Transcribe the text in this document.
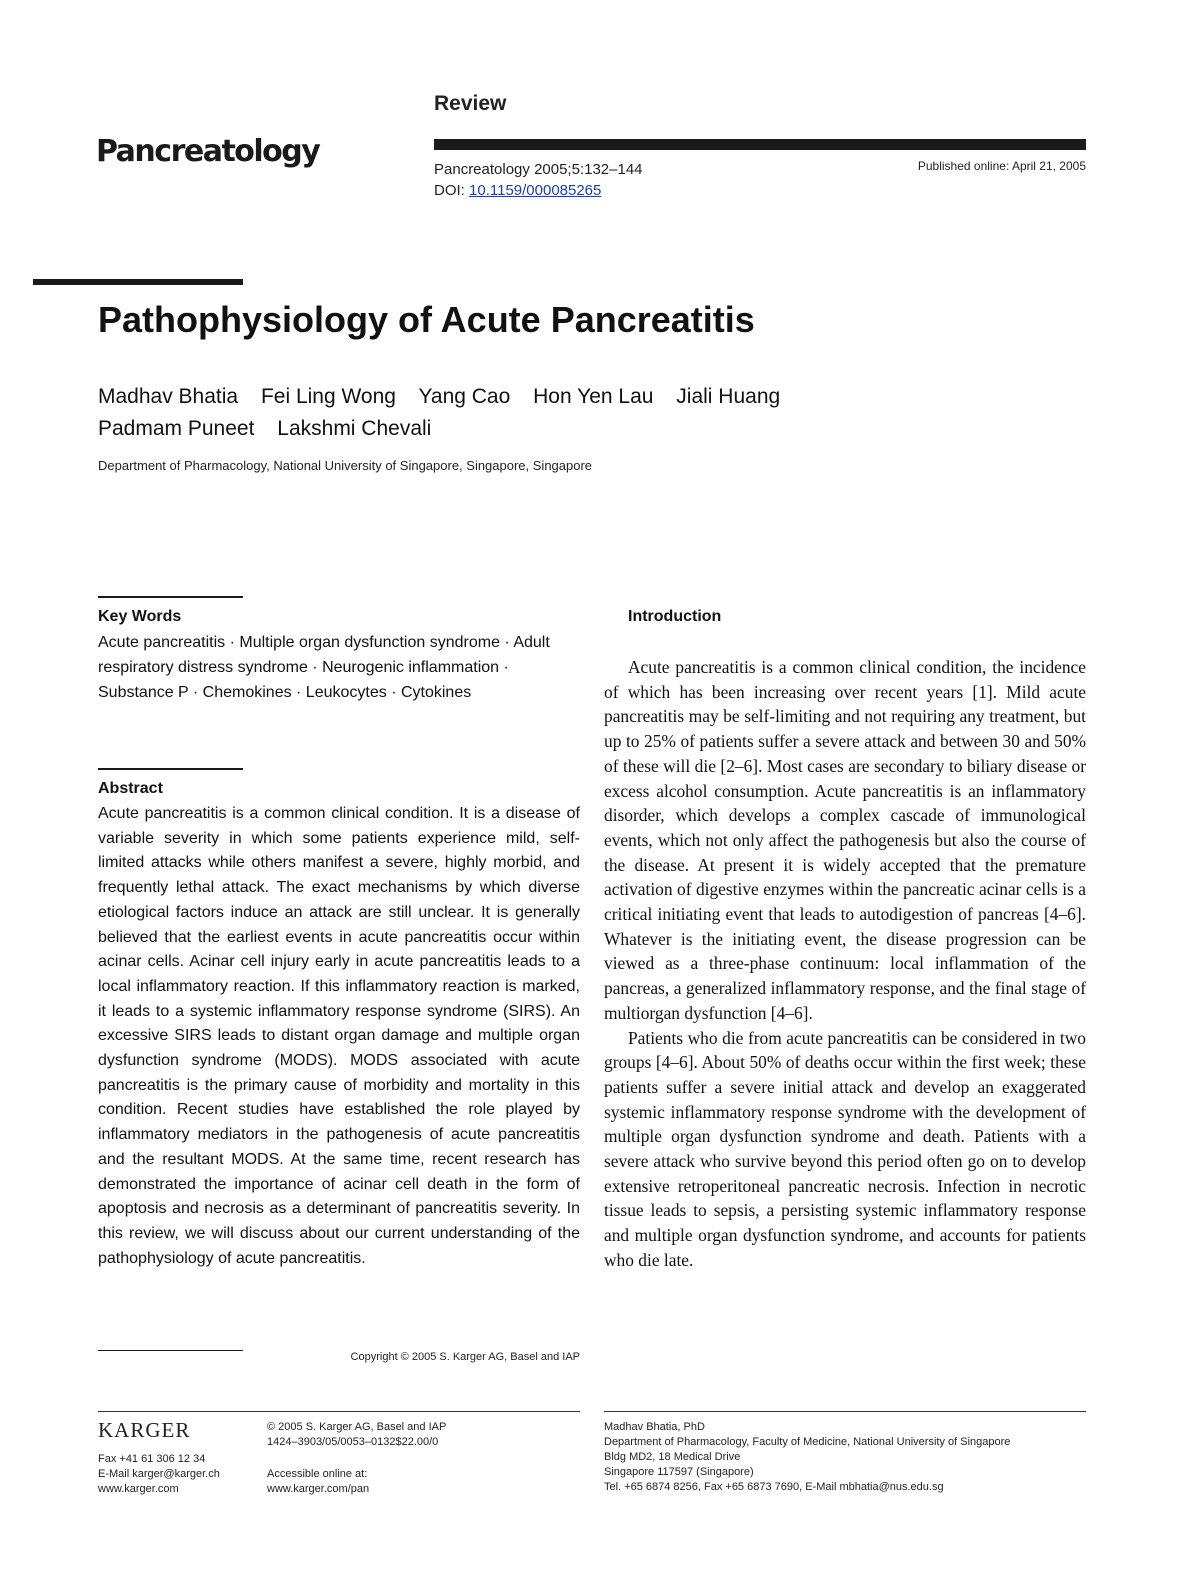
Review
Pancreatology
Pancreatology 2005;5:132–144
DOI: 10.1159/000085265
Published online: April 21, 2005
Pathophysiology of Acute Pancreatitis
Madhav Bhatia Fei Ling Wong Yang Cao Hon Yen Lau Jiali Huang
Padmam Puneet Lakshmi Chevali
Department of Pharmacology, National University of Singapore, Singapore, Singapore
Key Words
Acute pancreatitis · Multiple organ dysfunction syndrome · Adult respiratory distress syndrome · Neurogenic inflammation · Substance P · Chemokines · Leukocytes · Cytokines
Abstract
Acute pancreatitis is a common clinical condition. It is a disease of variable severity in which some patients experience mild, self-limited attacks while others manifest a severe, highly morbid, and frequently lethal attack. The exact mechanisms by which diverse etiological factors induce an attack are still unclear. It is generally believed that the earliest events in acute pancreatitis occur within acinar cells. Acinar cell injury early in acute pancreatitis leads to a local inflammatory reaction. If this inflammatory reaction is marked, it leads to a systemic inflammatory response syndrome (SIRS). An excessive SIRS leads to distant organ damage and multiple organ dysfunction syndrome (MODS). MODS associated with acute pancreatitis is the primary cause of morbidity and mortality in this condition. Recent studies have established the role played by inflammatory mediators in the pathogenesis of acute pancreatitis and the resultant MODS. At the same time, recent research has demonstrated the importance of acinar cell death in the form of apoptosis and necrosis as a determinant of pancreatitis severity. In this review, we will discuss about our current understanding of the pathophysiology of acute pancreatitis.
Copyright © 2005 S. Karger AG, Basel and IAP
Introduction

Acute pancreatitis is a common clinical condition, the incidence of which has been increasing over recent years [1]. Mild acute pancreatitis may be self-limiting and not requiring any treatment, but up to 25% of patients suffer a severe attack and between 30 and 50% of these will die [2–6]. Most cases are secondary to biliary disease or excess alcohol consumption. Acute pancreatitis is an inflammatory disorder, which develops a complex cascade of immunological events, which not only affect the pathogenesis but also the course of the disease. At present it is widely accepted that the premature activation of digestive enzymes within the pancreatic acinar cells is a critical initiating event that leads to autodigestion of pancreas [4–6]. Whatever is the initiating event, the disease progression can be viewed as a three-phase continuum: local inflammation of the pancreas, a generalized inflammatory response, and the final stage of multiorgan dysfunction [4–6].

Patients who die from acute pancreatitis can be considered in two groups [4–6]. About 50% of deaths occur within the first week; these patients suffer a severe initial attack and develop an exaggerated systemic inflammatory response syndrome with the development of multiple organ dysfunction syndrome and death. Patients with a severe attack who survive beyond this period often go on to develop extensive retroperitoneal pancreatic necrosis. Infection in necrotic tissue leads to sepsis, a persisting systemic inflammatory response and multiple organ dysfunction syndrome, and accounts for patients who die late.

KARGER
Fax +41 61 306 12 34
E-Mail karger@karger.ch
www.karger.com
© 2005 S. Karger AG, Basel and IAP
1424–3903/05/0053–0132$22.00/0
Accessible online at:
www.karger.com/pan
Madhav Bhatia, PhD
Department of Pharmacology, Faculty of Medicine, National University of Singapore
Bldg MD2, 18 Medical Drive
Singapore 117597 (Singapore)
Tel. +65 6874 8256, Fax +65 6873 7690, E-Mail mbhatia@nus.edu.sg
